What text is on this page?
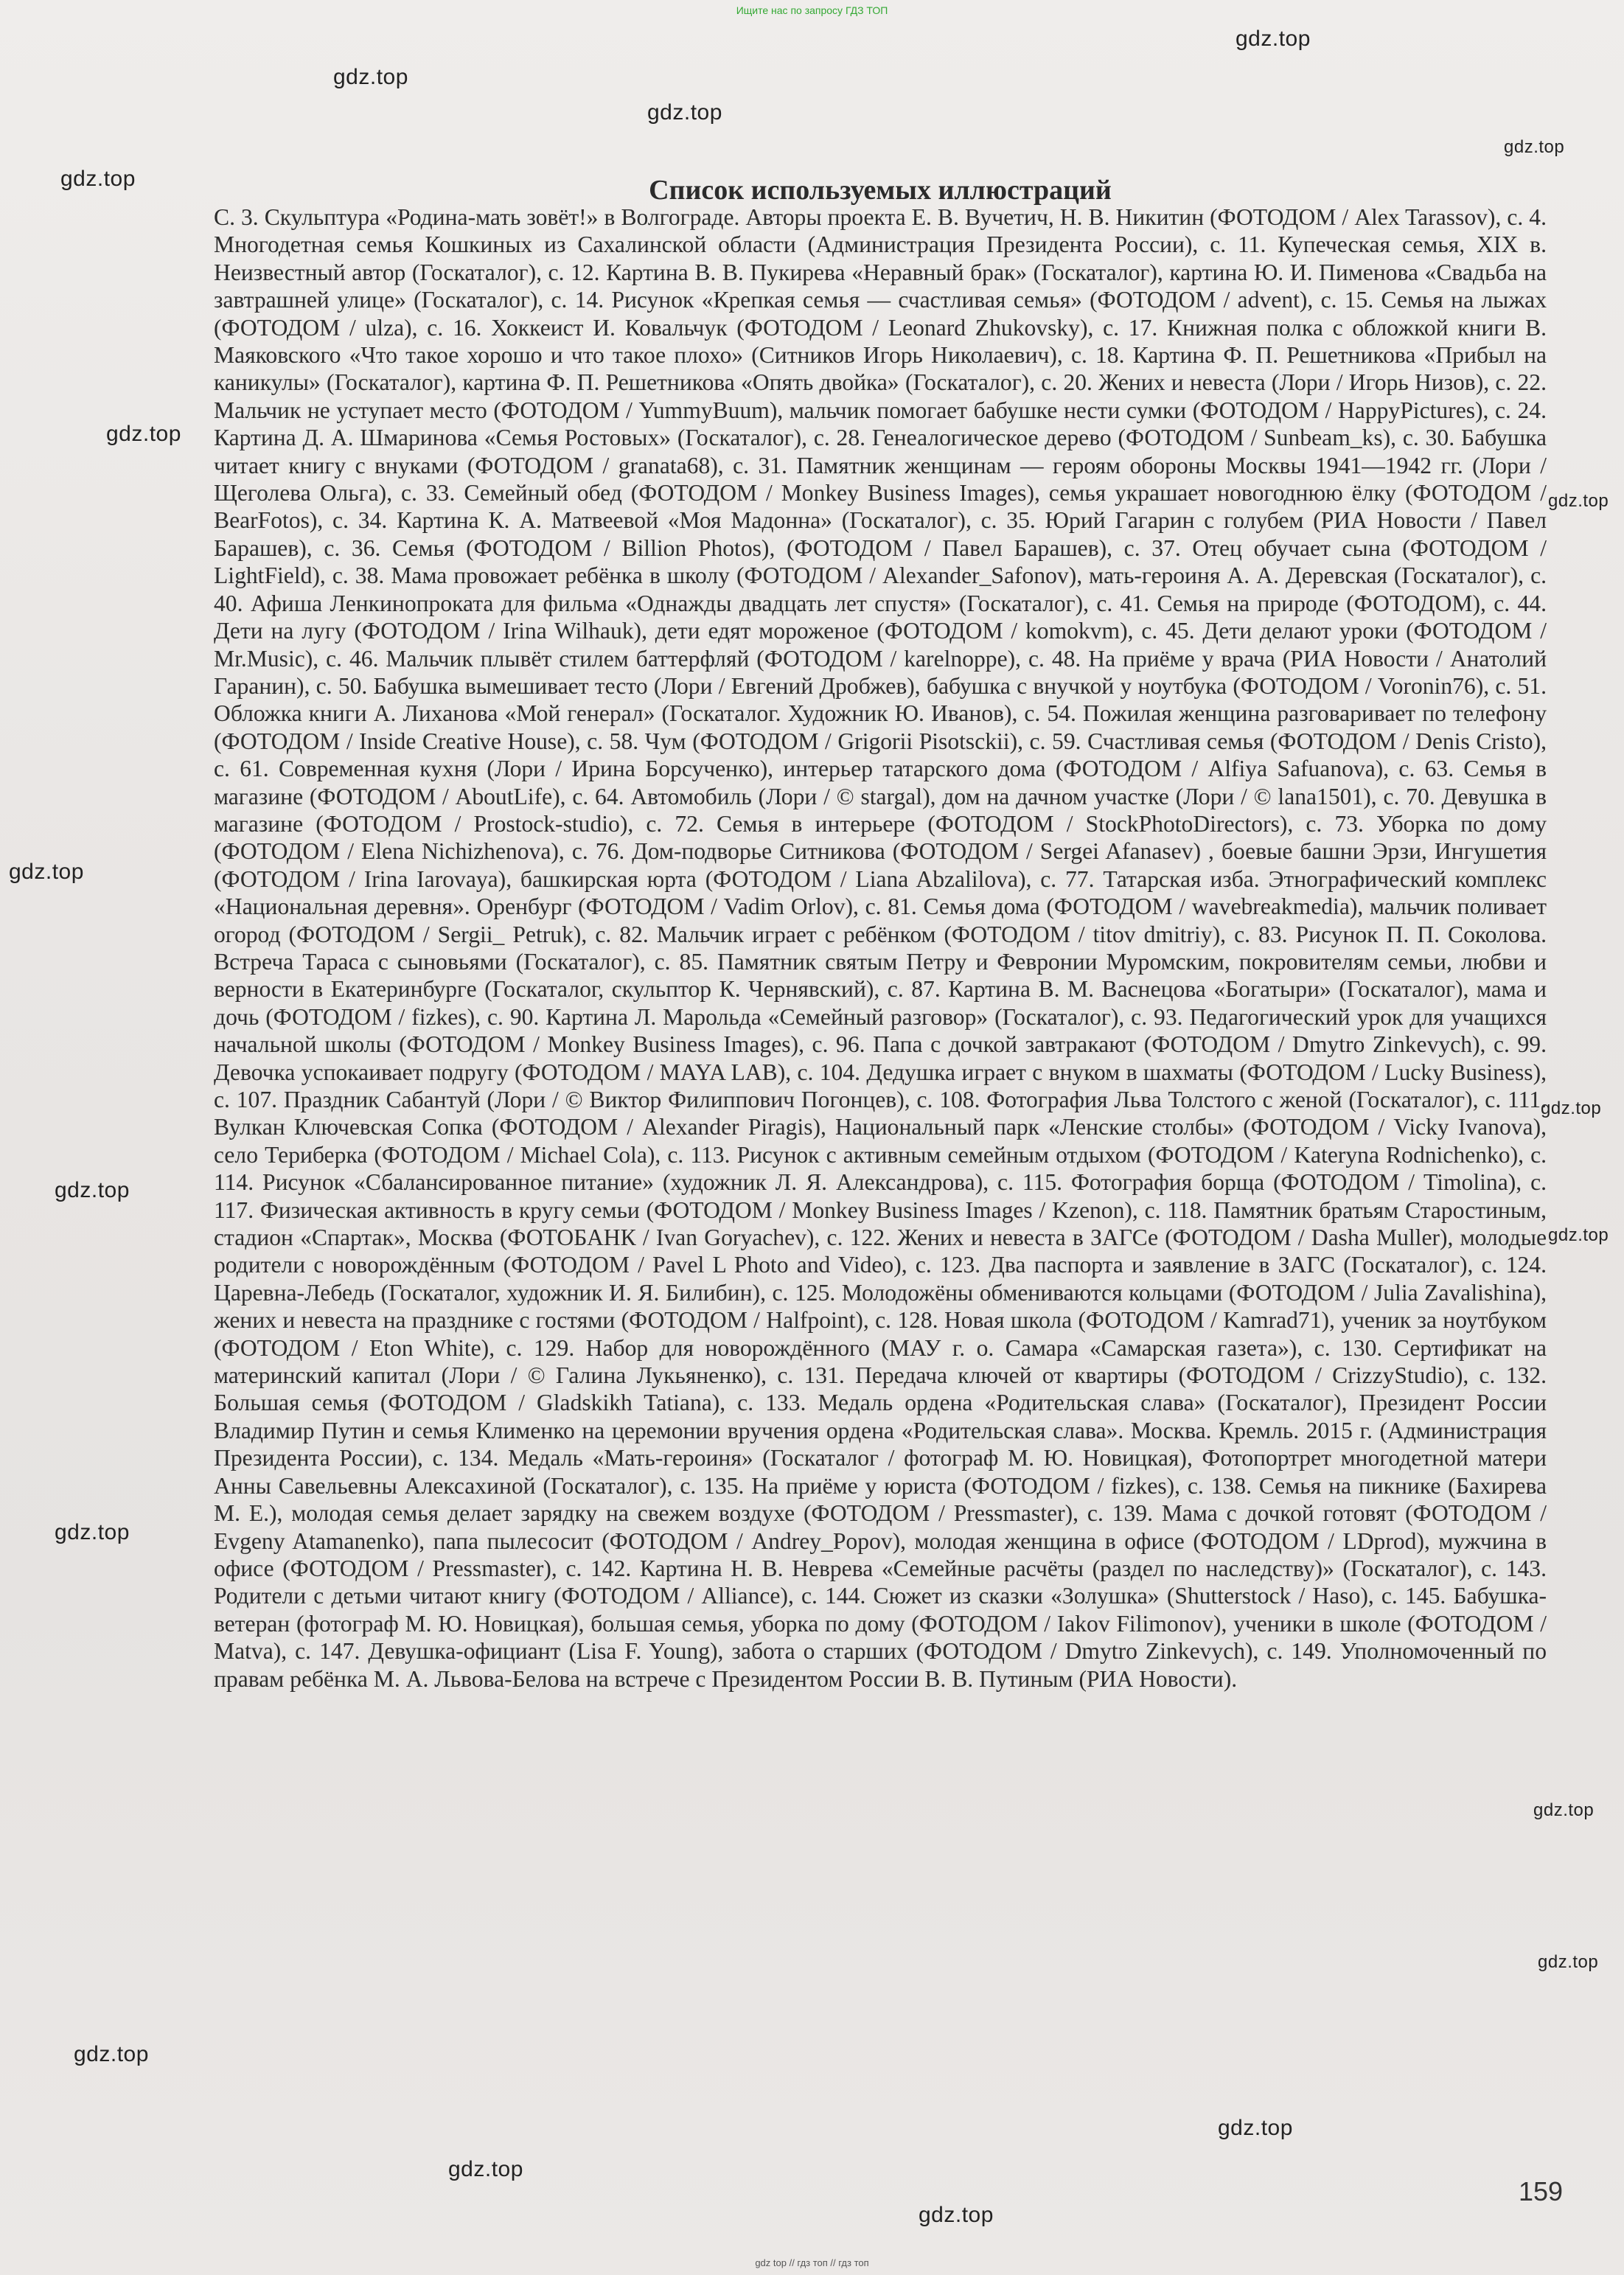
Ищите нас по запросу ГДЗ ТОП
gdz.top
gdz.top
gdz.top
gdz.top
gdz.top
gdz.top
gdz.top
gdz.top
gdz.top
gdz.top
gdz.top
gdz.top
gdz.top
gdz.top
gdz.top
gdz.top
gdz.top
gdz.top
Список используемых иллюстраций
С. 3. Скульптура «Родина-мать зовёт!» в Волгограде. Авторы проекта Е. В. Вучетич, Н. В. Никитин (ФОТОДОМ / Alex Tarassov), с. 4. Многодетная семья Кошкиных из Сахалинской области (Администрация Президента России), с. 11. Купеческая семья, XIX в. Неизвестный автор (Госкаталог), с. 12. Картина В. В. Пукирева «Неравный брак» (Госкаталог), картина Ю. И. Пименова «Свадьба на завтрашней улице» (Госкаталог), с. 14. Рисунок «Крепкая семья — счастливая семья» (ФОТОДОМ / advent), с. 15. Семья на лыжах (ФОТОДОМ / ulza), с. 16. Хоккеист И. Ковальчук (ФОТОДОМ / Leonard Zhukovsky), с. 17. Книжная полка с обложкой книги В. Маяковского «Что такое хорошо и что такое плохо» (Ситников Игорь Николаевич), с. 18. Картина Ф. П. Решетникова «Прибыл на каникулы» (Госкаталог), картина Ф. П. Решетникова «Опять двойка» (Госкаталог), с. 20. Жених и невеста (Лори / Игорь Низов), с. 22. Мальчик не уступает место (ФОТОДОМ / YummyBuum), мальчик помогает бабушке нести сумки (ФОТОДОМ / HappyPictures), с. 24. Картина Д. А. Шмаринова «Семья Ростовых» (Госкаталог), с. 28. Генеалогическое дерево (ФОТОДОМ / Sunbeam_ks), с. 30. Бабушка читает книгу с внуками (ФОТОДОМ / granata68), с. 31. Памятник женщинам — героям обороны Москвы 1941—1942 гг. (Лори / Щеголева Ольга), с. 33. Семейный обед (ФОТОДОМ / Monkey Business Images), семья украшает новогоднюю ёлку (ФОТОДОМ / BearFotos), с. 34. Картина К. А. Матвеевой «Моя Мадонна» (Госкаталог), с. 35. Юрий Гагарин с голубем (РИА Новости / Павел Барашев), с. 36. Семья (ФОТОДОМ / Billion Photos), (ФОТОДОМ / Павел Барашев), с. 37. Отец обучает сына (ФОТОДОМ / LightField), с. 38. Мама провожает ребёнка в школу (ФОТОДОМ / Alexander_Safonov), мать-героиня А. А. Деревская (Госкаталог), с. 40. Афиша Ленкинопроката для фильма «Однажды двадцать лет спустя» (Госкаталог), с. 41. Семья на природе (ФОТОДОМ), с. 44. Дети на лугу (ФОТОДОМ / Irina Wilhauk), дети едят мороженое (ФОТОДОМ / komokvm), с. 45. Дети делают уроки (ФОТОДОМ / Mr.Music), с. 46. Мальчик плывёт стилем баттерфляй (ФОТОДОМ / karelnoppe), с. 48. На приёме у врача (РИА Новости / Анатолий Гаранин), с. 50. Бабушка вымешивает тесто (Лори / Евгений Дробжев), бабушка с внучкой у ноутбука (ФОТОДОМ / Voronin76), с. 51. Обложка книги А. Лиханова «Мой генерал» (Госкаталог. Художник Ю. Иванов), с. 54. Пожилая женщина разговаривает по телефону (ФОТОДОМ / Inside Creative House), с. 58. Чум (ФОТОДОМ / Grigorii Pisotsckii), с. 59. Счастливая семья (ФОТОДОМ / Denis Cristo), с. 61. Современная кухня (Лори / Ирина Борсученко), интерьер татарского дома (ФОТОДОМ / Alfiya Safuanova), с. 63. Семья в магазине (ФОТОДОМ / AboutLife), с. 64. Автомобиль (Лори / © stargal), дом на дачном участке (Лори / © lana1501), с. 70. Девушка в магазине (ФОТОДОМ / Prostock-studio), с. 72. Семья в интерьере (ФОТОДОМ / StockPhotoDirectors), с. 73. Уборка по дому (ФОТОДОМ / Elena Nichizhenova), с. 76. Дом-подворье Ситникова (ФОТОДОМ / Sergei Afanasev) , боевые башни Эрзи, Ингушетия (ФОТОДОМ / Irina Iarovaya), башкирская юрта (ФОТОДОМ / Liana Abzalilova), с. 77. Татарская изба. Этнографический комплекс «Национальная деревня». Оренбург (ФОТОДОМ / Vadim Orlov), с. 81. Семья дома (ФОТОДОМ / wavebreakmedia), мальчик поливает огород (ФОТОДОМ / Sergii_ Petruk), с. 82. Мальчик играет с ребёнком (ФОТОДОМ / titov dmitriy), с. 83. Рисунок П. П. Соколова. Встреча Тараса с сыновьями (Госкаталог), с. 85. Памятник святым Петру и Февронии Муромским, покровителям семьи, любви и верности в Екатеринбурге (Госкаталог, скульптор К. Чернявский), с. 87. Картина В. М. Васнецова «Богатыри» (Госкаталог), мама и дочь (ФОТОДОМ / fizkes), с. 90. Картина Л. Марольда «Семейный разговор» (Госкаталог), с. 93. Педагогический урок для учащихся начальной школы (ФОТОДОМ / Monkey Business Images), с. 96. Папа с дочкой завтракают (ФОТОДОМ / Dmytro Zinkevych), с. 99. Девочка успокаивает подругу (ФОТОДОМ / MAYA LAB), с. 104. Дедушка играет с внуком в шахматы (ФОТОДОМ / Lucky Business), с. 107. Праздник Сабантуй (Лори / © Виктор Филиппович Погонцев), с. 108. Фотография Льва Толстого с женой (Госкаталог), с. 111. Вулкан Ключевская Сопка (ФОТОДОМ / Alexander Piragis), Национальный парк «Ленские столбы» (ФОТОДОМ / Vicky Ivanova), село Териберка (ФОТОДОМ / Michael Cola), с. 113. Рисунок с активным семейным отдыхом (ФОТОДОМ / Kateryna Rodnichenko), с. 114. Рисунок «Сбалансированное питание» (художник Л. Я. Александрова), с. 115. Фотография борща (ФОТОДОМ / Timolina), с. 117. Физическая активность в кругу семьи (ФОТОДОМ / Monkey Business Images / Kzenon), с. 118. Памятник братьям Старостиным, стадион «Спартак», Москва (ФОТОБАНК / Ivan Goryachev), с. 122. Жених и невеста в ЗАГСе (ФОТОДОМ / Dasha Muller), молодые родители с новорождённым (ФОТОДОМ / Pavel L Photo and Video), с. 123. Два паспорта и заявление в ЗАГС (Госкаталог), с. 124. Царевна-Лебедь (Госкаталог, художник И. Я. Билибин), с. 125. Молодожёны обмениваются кольцами (ФОТОДОМ / Julia Zavalishina), жених и невеста на празднике с гостями (ФОТОДОМ / Halfpoint), с. 128. Новая школа (ФОТОДОМ / Kamrad71), ученик за ноутбуком (ФОТОДОМ / Eton White), с. 129. Набор для новорождённого (МАУ г. о. Самара «Самарская газета»), с. 130. Сертификат на материнский капитал (Лори / © Галина Лукьяненко), с. 131. Передача ключей от квартиры (ФОТОДОМ / CrizzyStudio), с. 132. Большая семья (ФОТОДОМ / Gladskikh Tatiana), с. 133. Медаль ордена «Родительская слава» (Госкаталог), Президент России Владимир Путин и семья Клименко на церемонии вручения ордена «Родительская слава». Москва. Кремль. 2015 г. (Администрация Президента России), с. 134. Медаль «Мать-героиня» (Госкаталог / фотограф М. Ю. Новицкая), Фотопортрет многодетной матери Анны Савельевны Алексахиной (Госкаталог), с. 135. На приёме у юриста (ФОТОДОМ / fizkes), с. 138. Семья на пикнике (Бахирева М. Е.), молодая семья делает зарядку на свежем воздухе (ФОТОДОМ / Pressmaster), с. 139. Мама с дочкой готовят (ФОТОДОМ / Evgeny Atamanenko), папа пылесосит (ФОТОДОМ / Andrey_Popov), молодая женщина в офисе (ФОТОДОМ / LDprod), мужчина в офисе (ФОТОДОМ / Pressmaster), с. 142. Картина Н. В. Неврева «Семейные расчёты (раздел по наследству)» (Госкаталог), с. 143. Родители с детьми читают книгу (ФОТОДОМ / Alliance), с. 144. Сюжет из сказки «Золушка» (Shutterstock / Haso), с. 145. Бабушка-ветеран (фотограф М. Ю. Новицкая), большая семья, уборка по дому (ФОТОДОМ / Iakov Filimonov), ученики в школе (ФОТОДОМ / Matva), с. 147. Девушка-официант (Lisa F. Young), забота о старших (ФОТОДОМ / Dmytro Zinkevych), с. 149. Уполномоченный по правам ребёнка М. А. Львова-Белова на встрече с Президентом России В. В. Путиным (РИА Новости).
159
gdz top // гдз топ // гдз топ
